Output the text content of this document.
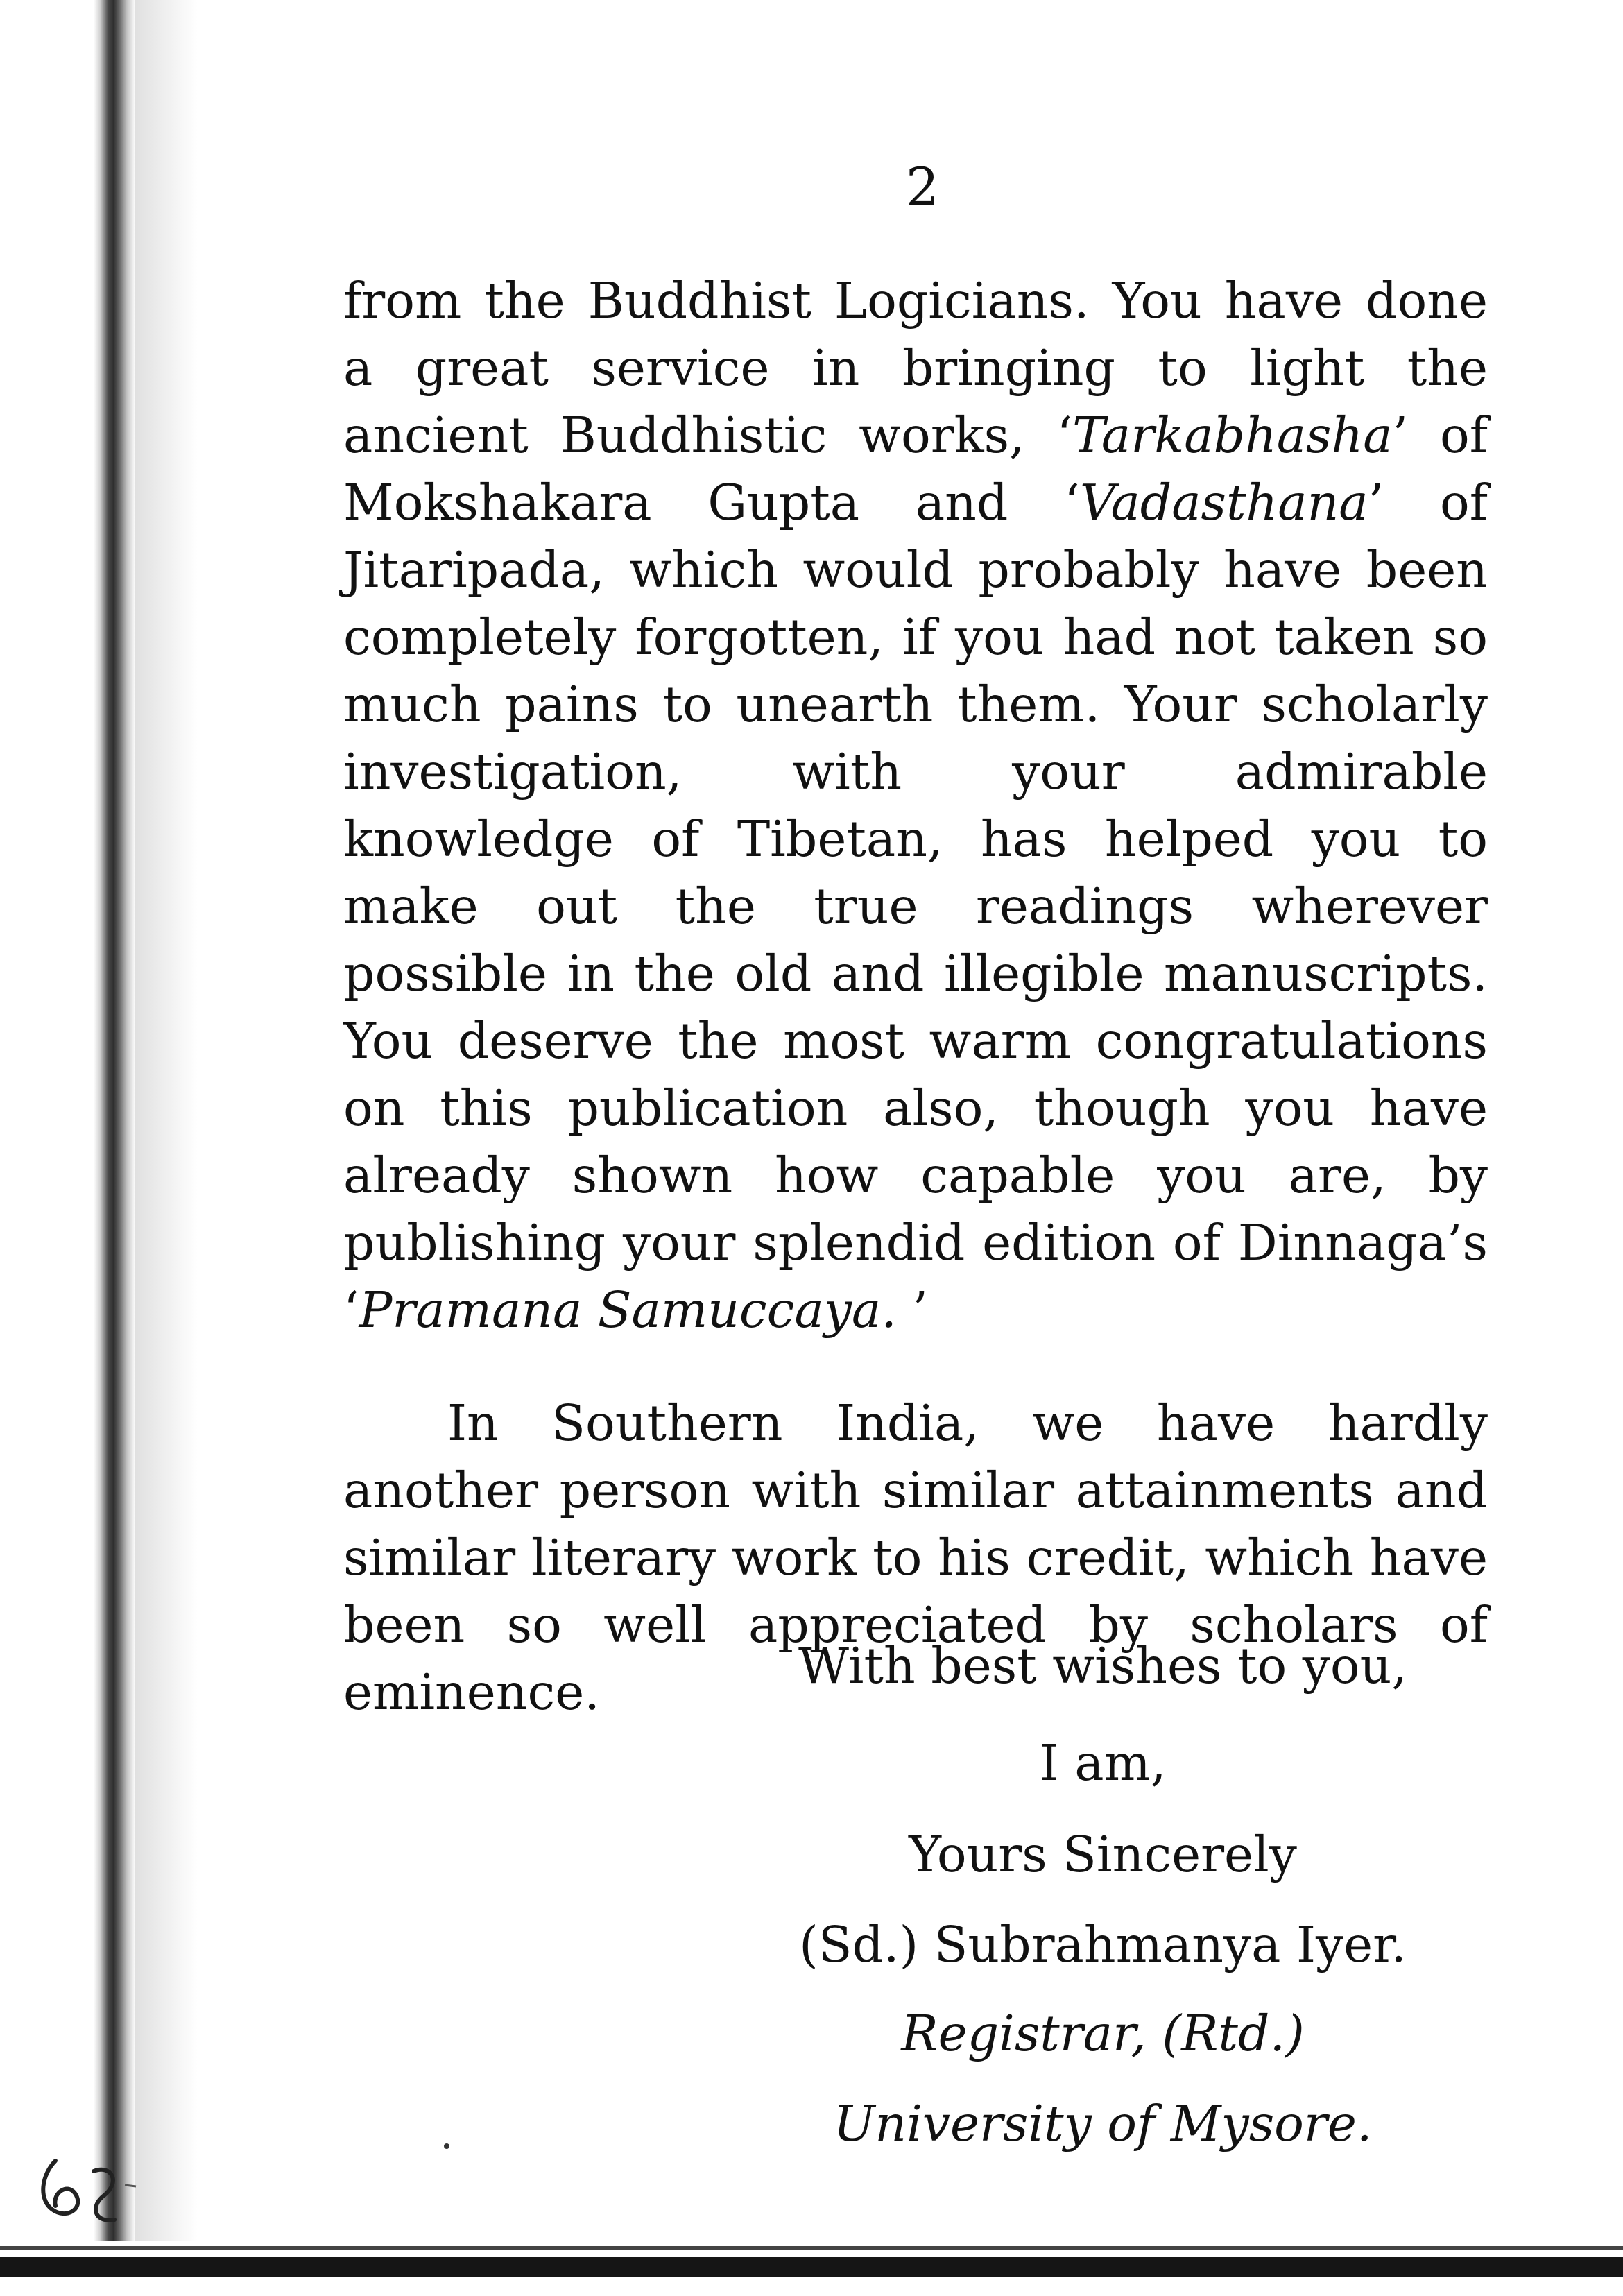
2

from the Buddhist Logicians. You have done a great service in bringing to light the ancient Buddhistic works, ‘Tarkabhasha’ of Mokshakara Gupta and ‘Vadasthana’ of Jitaripada, which would probably have been completely forgotten, if you had not taken so much pains to unearth them. Your scholarly investigation, with your admirable knowledge of Tibetan, has helped you to make out the true readings wherever possible in the old and illegible manuscripts. You deserve the most warm congratulations on this publication also, though you have already shown how capable you are, by publishing your splendid edition of Dinnaga’s ‘Pramana Samuccaya. ’

In Southern India, we have hardly another person with similar attainments and similar literary work to his credit, which have been so well appreciated by scholars of eminence.	With best wishes to you,
I am,
Yours Sincerely
(Sd.) Subrahmanya Iyer.
Registrar, (Rtd.)
University of Mysore.
